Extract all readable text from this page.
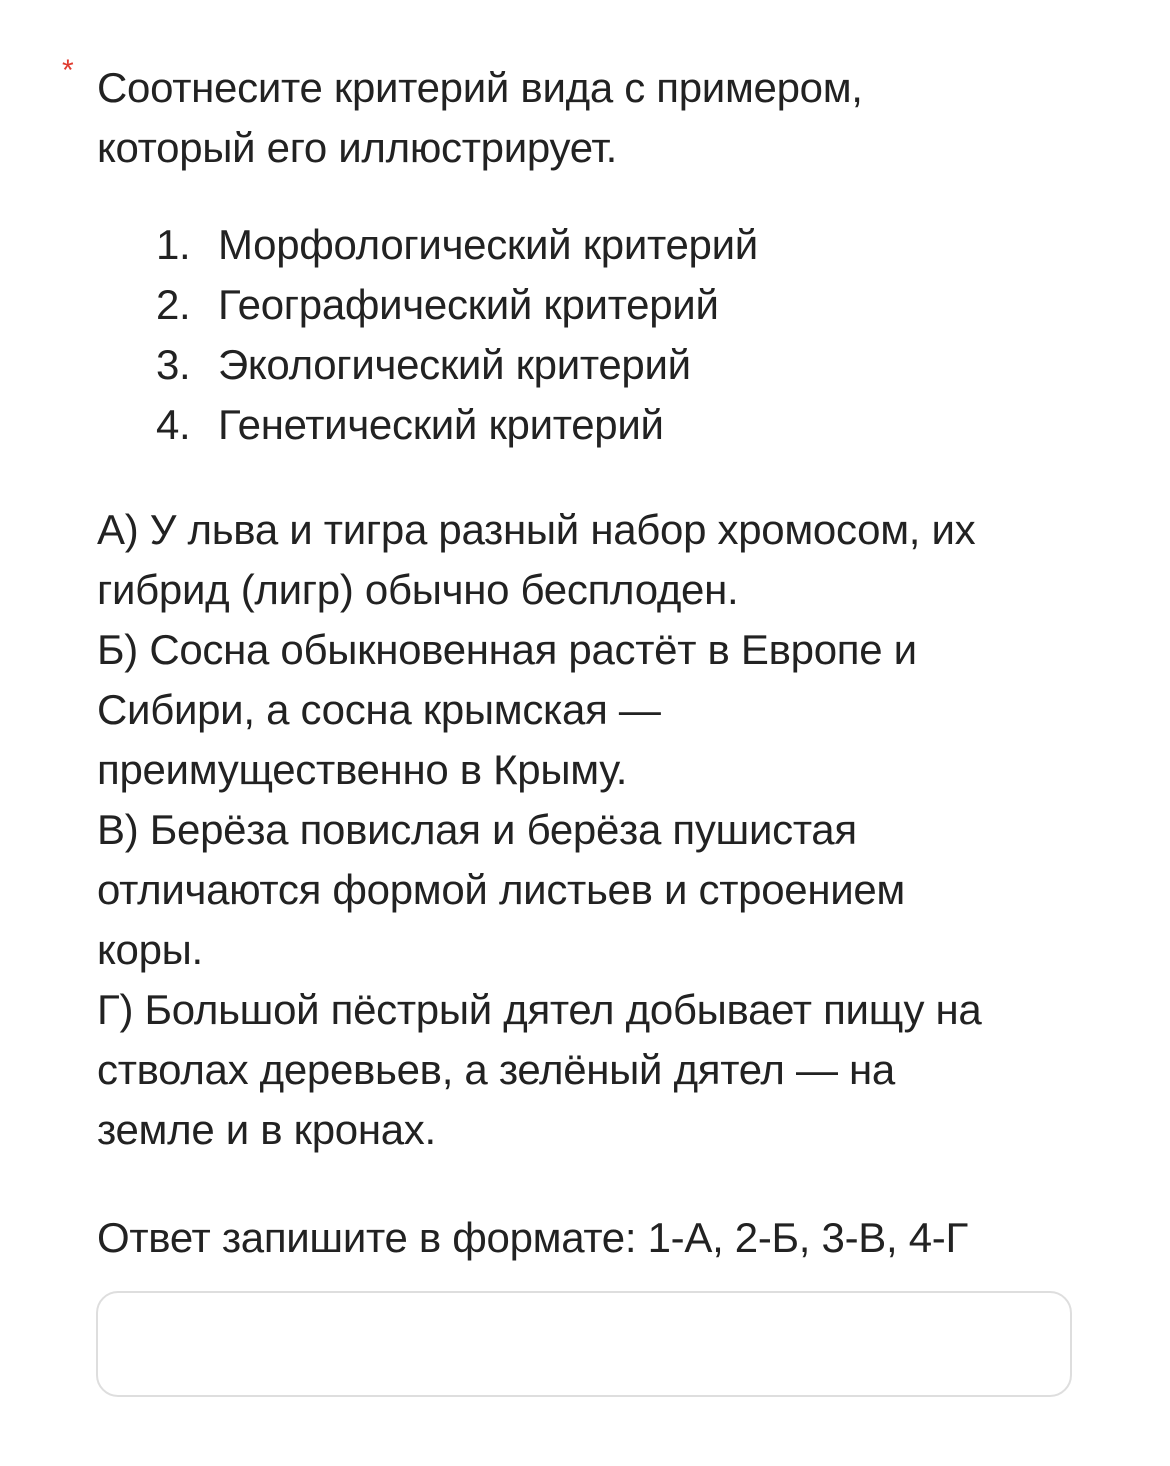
* Соотнесите критерий вида с примером,
который его иллюстрирует.
1. Морфологический критерий
2. Географический критерий
3. Экологический критерий
4. Генетический критерий
А) У льва и тигра разный набор хромосом, их
гибрид (лигр) обычно бесплоден.
Б) Сосна обыкновенная растёт в Европе и
Сибири, а сосна крымская —
преимущественно в Крыму.
В) Берёза повислая и берёза пушистая
отличаются формой листьев и строением
коры.
Г) Большой пёстрый дятел добывает пищу на
стволах деревьев, а зелёный дятел — на
земле и в кронах.
Ответ запишите в формате: 1-А, 2-Б, 3-В, 4-Г
